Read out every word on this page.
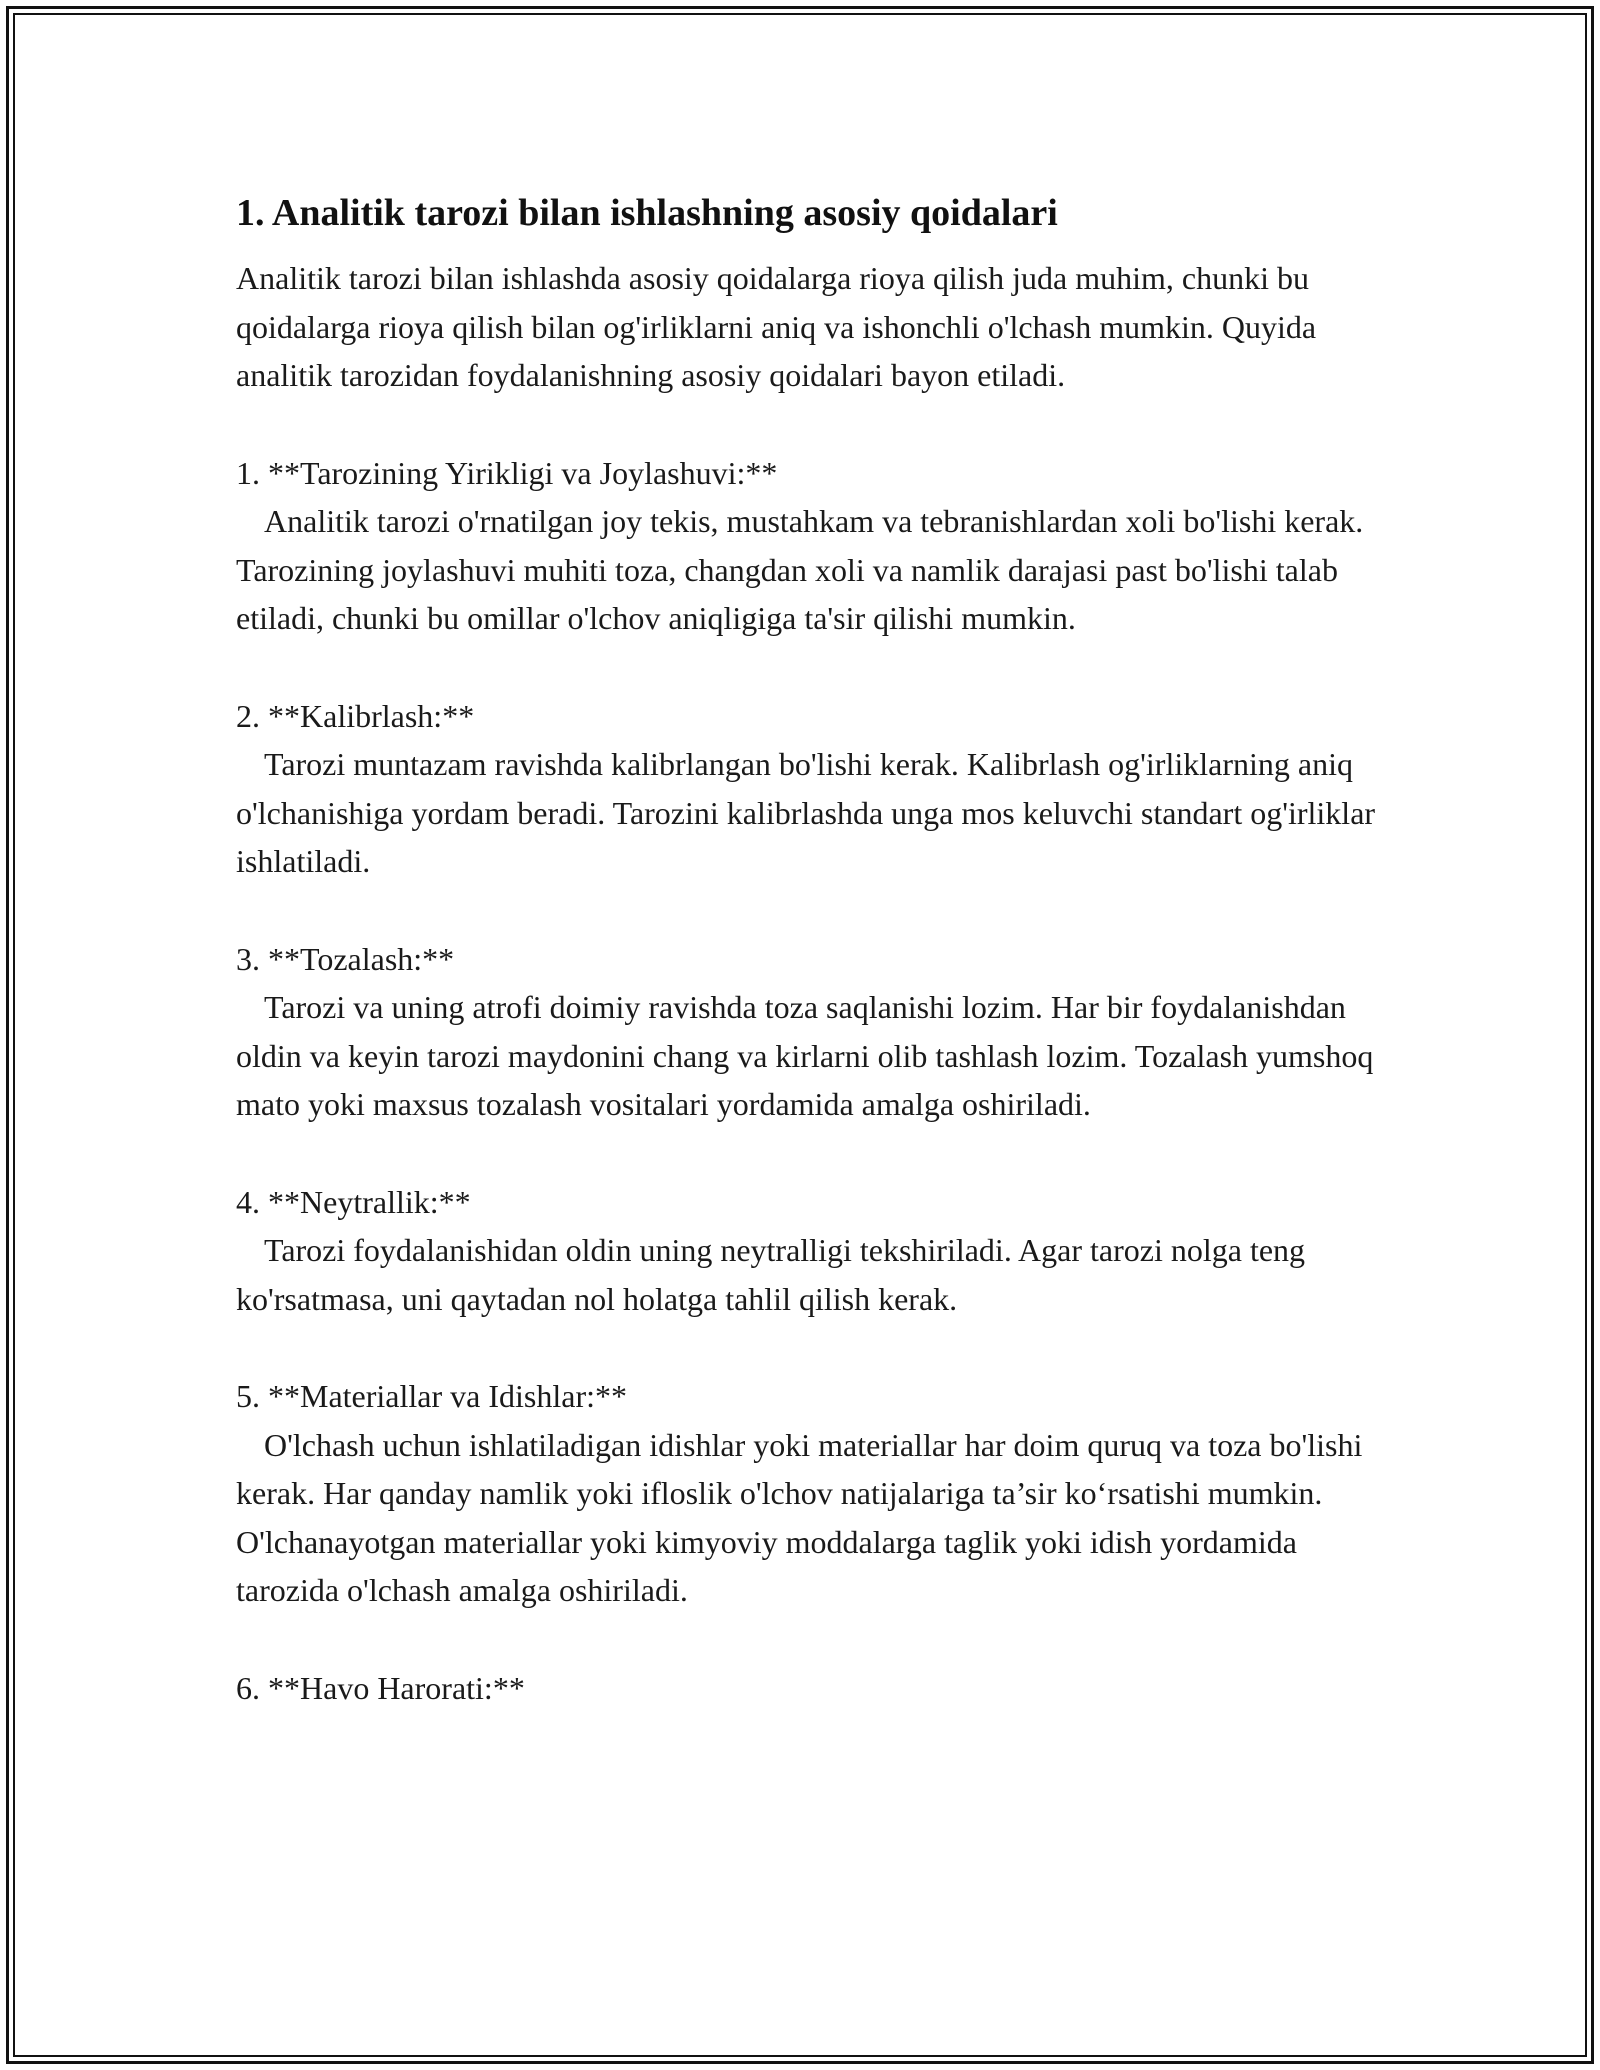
1. Analitik tarozi bilan ishlashning asosiy qoidalari

Analitik tarozi bilan ishlashda asosiy qoidalarga rioya qilish juda muhim, chunki bu qoidalarga rioya qilish bilan og'irliklarni aniq va ishonchli o'lchash mumkin. Quyida analitik tarozidan foydalanishning asosiy qoidalari bayon etiladi.

1. **Tarozining Yirikligi va Joylashuvi:**

Analitik tarozi o'rnatilgan joy tekis, mustahkam va tebranishlardan xoli bo'lishi kerak. Tarozining joylashuvi muhiti toza, changdan xoli va namlik darajasi past bo'lishi talab etiladi, chunki bu omillar o'lchov aniqligiga ta'sir qilishi mumkin.

2. **Kalibrlash:**

Tarozi muntazam ravishda kalibrlangan bo'lishi kerak. Kalibrlash og'irliklarning aniq o'lchanishiga yordam beradi. Tarozini kalibrlashda unga mos keluvchi standart og'irliklar ishlatiladi.

3. **Tozalash:**

Tarozi va uning atrofi doimiy ravishda toza saqlanishi lozim. Har bir foydalanishdan oldin va keyin tarozi maydonini chang va kirlarni olib tashlash lozim. Tozalash yumshoq mato yoki maxsus tozalash vositalari yordamida amalga oshiriladi.

4. **Neytrallik:**

Tarozi foydalanishidan oldin uning neytralligi tekshiriladi. Agar tarozi nolga teng ko'rsatmasa, uni qaytadan nol holatga tahlil qilish kerak.

5. **Materiallar va Idishlar:**

O'lchash uchun ishlatiladigan idishlar yoki materiallar har doim quruq va toza bo'lishi kerak. Har qanday namlik yoki ifloslik o'lchov natijalariga ta’sir ko‘rsatishi mumkin. O'lchanayotgan materiallar yoki kimyoviy moddalarga taglik yoki idish yordamida tarozida o'lchash amalga oshiriladi.

6. **Havo Harorati:**
